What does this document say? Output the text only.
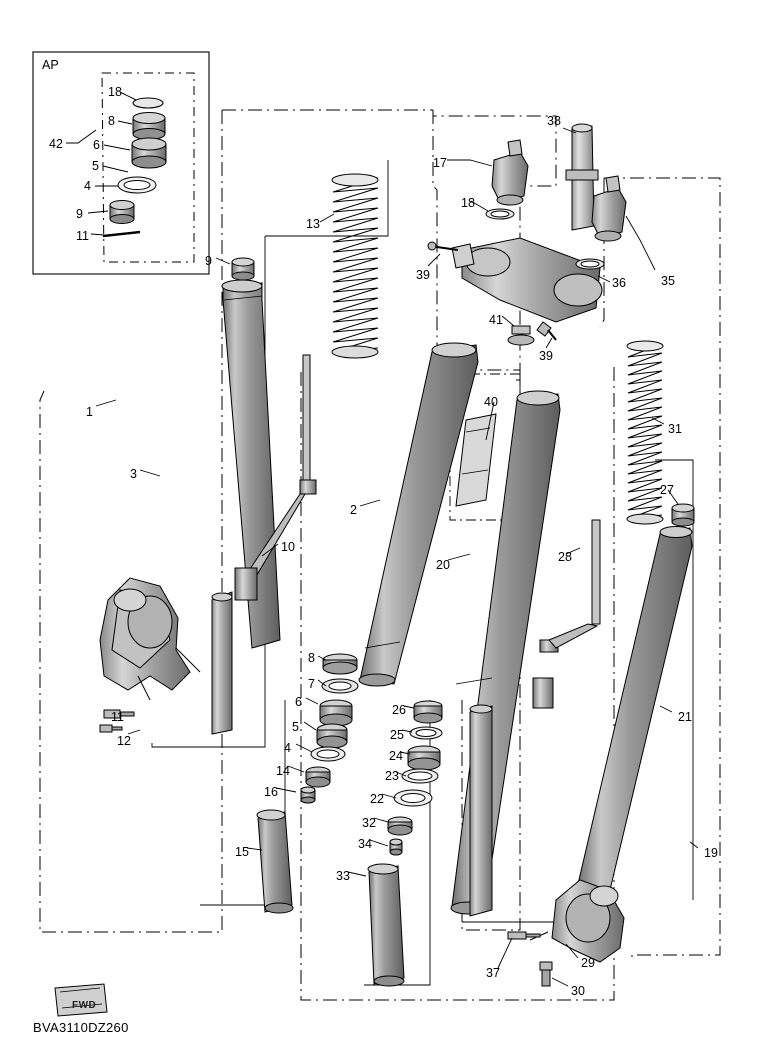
AP
FWD
BVA3110DZ260
18
8
42 6
5
4
9
11
38
17
18
13
9
39
36	35
41
39
1
40
31
3
27
2
10
20
28
8
21
7
6
26
11
5
25
12	4
24
14	23
16	22
32
34
19
15
33
37
29
30
